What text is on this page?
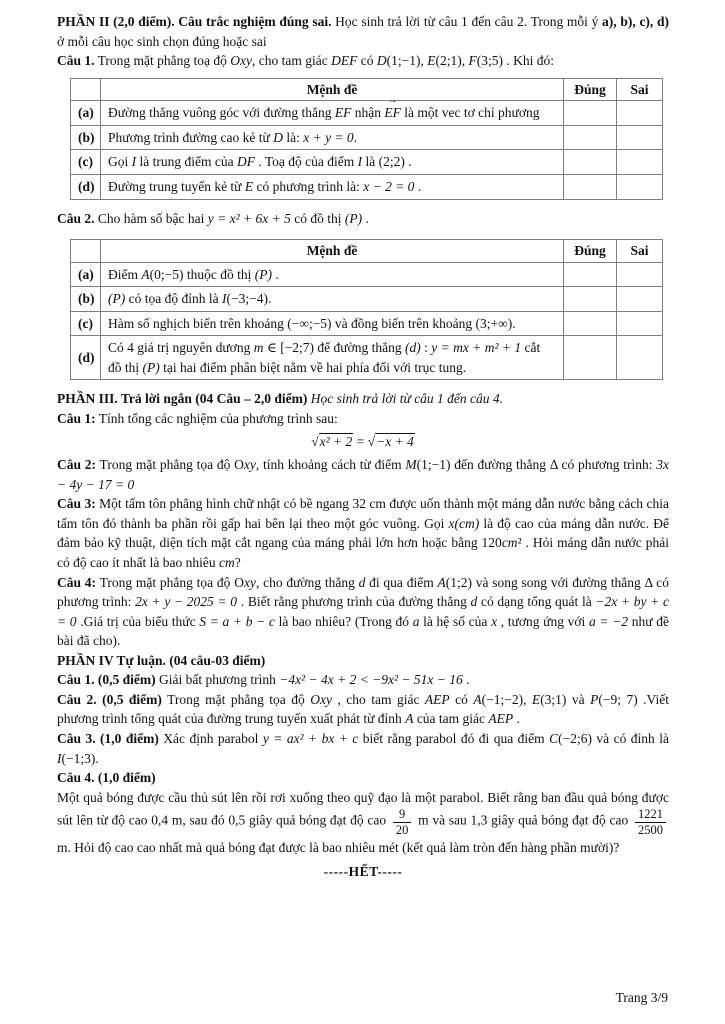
PHẦN II (2,0 điểm). Câu trắc nghiệm đúng sai. Học sinh trả lời từ câu 1 đến câu 2. Trong mỗi ý a), b), c), d) ở mỗi câu học sinh chọn đúng hoặc sai

Câu 1. Trong mặt phẳng toạ độ Oxy, cho tam giác DEF có D(1;−1), E(2;1), F(3;5) . Khi đó:

	Mệnh đề	Đúng	Sai
(a)	Đường thẳng vuông góc với đường thẳng EF nhận EF → là một vec tơ chỉ phương		
(b)	Phương trình đường cao kẻ từ D là: x + y = 0.		
(c)	Gọi I là trung điểm của DF . Toạ độ của điểm I là (2;2) .		
(d)	Đường trung tuyến kẻ từ E có phương trình là: x − 2 = 0 .		

Câu 2. Cho hàm số bậc hai y = x² + 6x + 5 có đồ thị (P) .

	Mệnh đề	Đúng	Sai
(a)	Điểm A(0;−5) thuộc đồ thị (P) .		
(b)	(P) có tọa độ đỉnh là I(−3;−4).		
(c)	Hàm số nghịch biến trên khoảng (−∞;−5) và đồng biến trên khoảng (3;+∞).		
(d)	Có 4 giá trị nguyên dương m ∈ [−2;7) để đường thẳng (d) : y = mx + m² + 1 cắt đồ thị (P) tại hai điểm phân biệt nằm về hai phía đối với trục tung.		

PHẦN III. Trả lời ngắn (04 Câu – 2,0 điểm) Học sinh trả lời từ câu 1 đến câu 4.

Câu 1: Tính tổng các nghiệm của phương trình sau:

√x² + 2 = √−x + 4

Câu 2: Trong mặt phẳng tọa độ Oxy, tính khoảng cách từ điểm M(1;−1) đến đường thẳng Δ có phương trình: 3x − 4y − 17 = 0

Câu 3: Một tấm tôn phẳng hình chữ nhật có bề ngang 32 cm được uốn thành một máng dẫn nước bằng cách chia tấm tôn đó thành ba phần rồi gấp hai bên lại theo một góc vuông. Gọi x(cm) là độ cao của máng dẫn nước. Để đảm bảo kỹ thuật, diện tích mặt cắt ngang của máng phải lớn hơn hoặc bằng 120cm² . Hỏi máng dẫn nước phải có độ cao ít nhất là bao nhiêu cm?

Câu 4: Trong mặt phẳng tọa độ Oxy, cho đường thẳng d đi qua điểm A(1;2) và song song với đường thẳng Δ có phương trình: 2x + y − 2025 = 0 . Biết rằng phương trình của đường thẳng d có dạng tổng quát là −2x + by + c = 0 .Giá trị của biểu thức S = a + b − c là bao nhiêu? (Trong đó a là hệ số của x , tương ứng với a = −2 như đề bài đã cho).

PHẦN IV Tự luận. (04 câu-03 điểm)

Câu 1. (0,5 điểm) Giải bất phương trình −4x² − 4x + 2 < −9x² − 51x − 16 .

Câu 2. (0,5 điểm) Trong mặt phẳng tọa độ Oxy , cho tam giác AEP có A(−1;−2), E(3;1) và P(−9; 7) .Viết phương trình tổng quát của đường trung tuyến xuất phát từ đỉnh A của tam giác AEP .

Câu 3. (1,0 điểm) Xác định parabol y = ax² + bx + c biết rằng parabol đó đi qua điểm C(−2;6) và có đỉnh là I(−1;3).

Câu 4. (1,0 điểm)

Một quả bóng được cầu thủ sút lên rồi rơi xuống theo quỹ đạo là một parabol. Biết rằng ban đầu quả bóng được sút lên từ độ cao 0,4 m, sau đó 0,5 giây quả bóng đạt độ cao $\frac{9}{20}$ m và sau 1,3 giây quả bóng đạt độ cao $\frac{1221}{2500}$
m. Hỏi độ cao cao nhất mà quả bóng đạt được là bao nhiêu mét (kết quả làm tròn đến hàng phần mười)?

-----HẾT-----

Trang 3/9
